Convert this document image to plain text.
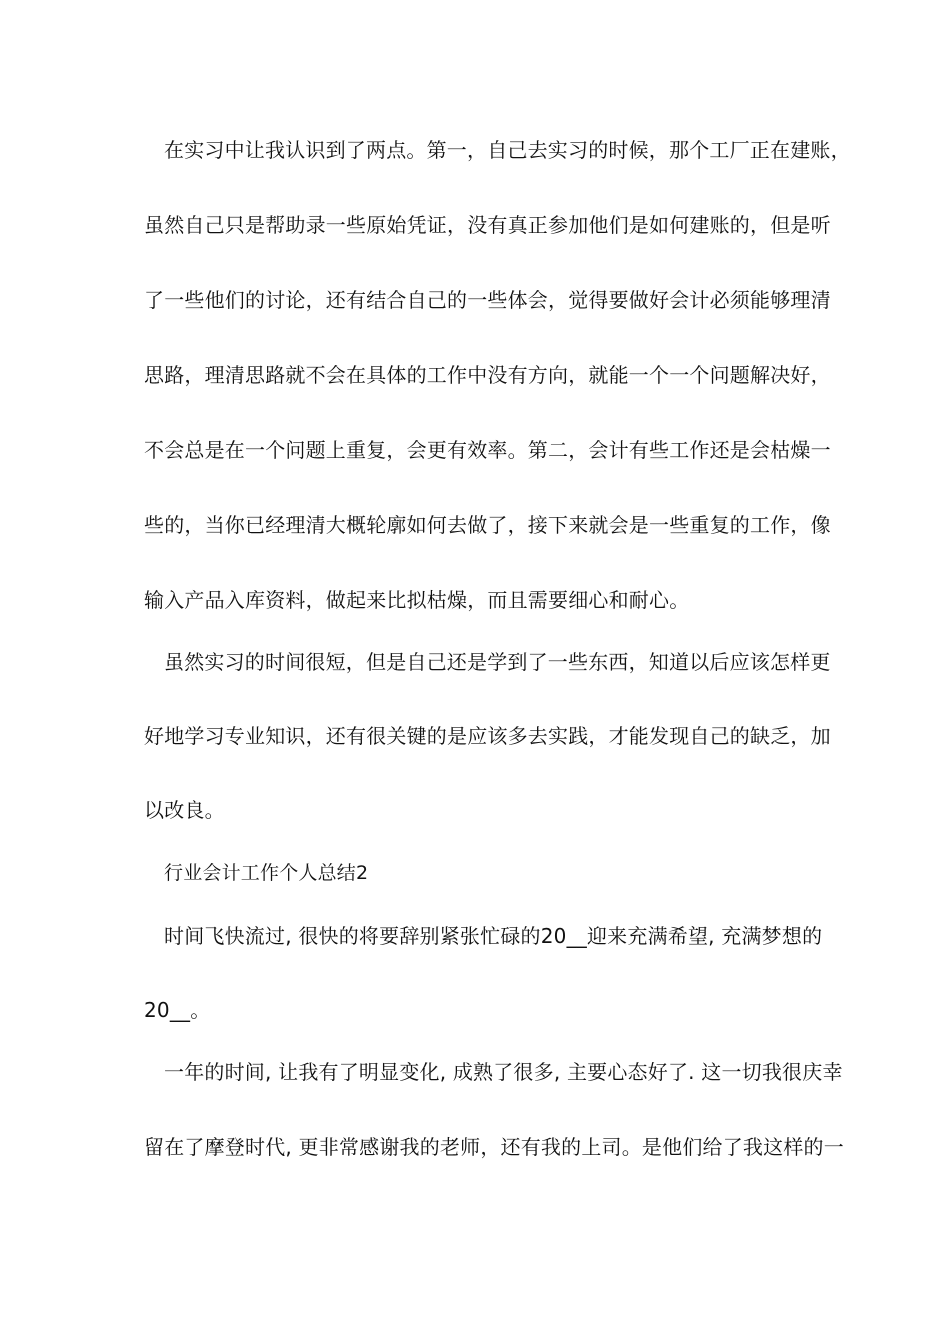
在实习中让我认识到了两点。第一，自己去实习的时候，那个工厂正在建账，
虽然自己只是帮助录一些原始凭证，没有真正参加他们是如何建账的，但是听
了一些他们的讨论，还有结合自己的一些体会，觉得要做好会计必须能够理清
思路，理清思路就不会在具体的工作中没有方向，就能一个一个问题解决好，
不会总是在一个问题上重复，会更有效率。第二，会计有些工作还是会枯燥一
些的，当你已经理清大概轮廓如何去做了，接下来就会是一些重复的工作，像
输入产品入库资料，做起来比拟枯燥，而且需要细心和耐心。
虽然实习的时间很短，但是自己还是学到了一些东西，知道以后应该怎样更
好地学习专业知识，还有很关键的是应该多去实践，才能发现自己的缺乏，加
以改良。
行业会计工作个人总结2
时间飞快流过, 很快的将要辞别紧张忙碌的20__迎来充满希望, 充满梦想的
20__。
一年的时间, 让我有了明显变化, 成熟了很多, 主要心态好了. 这一切我很庆幸
留在了摩登时代, 更非常感谢我的老师，还有我的上司。是他们给了我这样的一
